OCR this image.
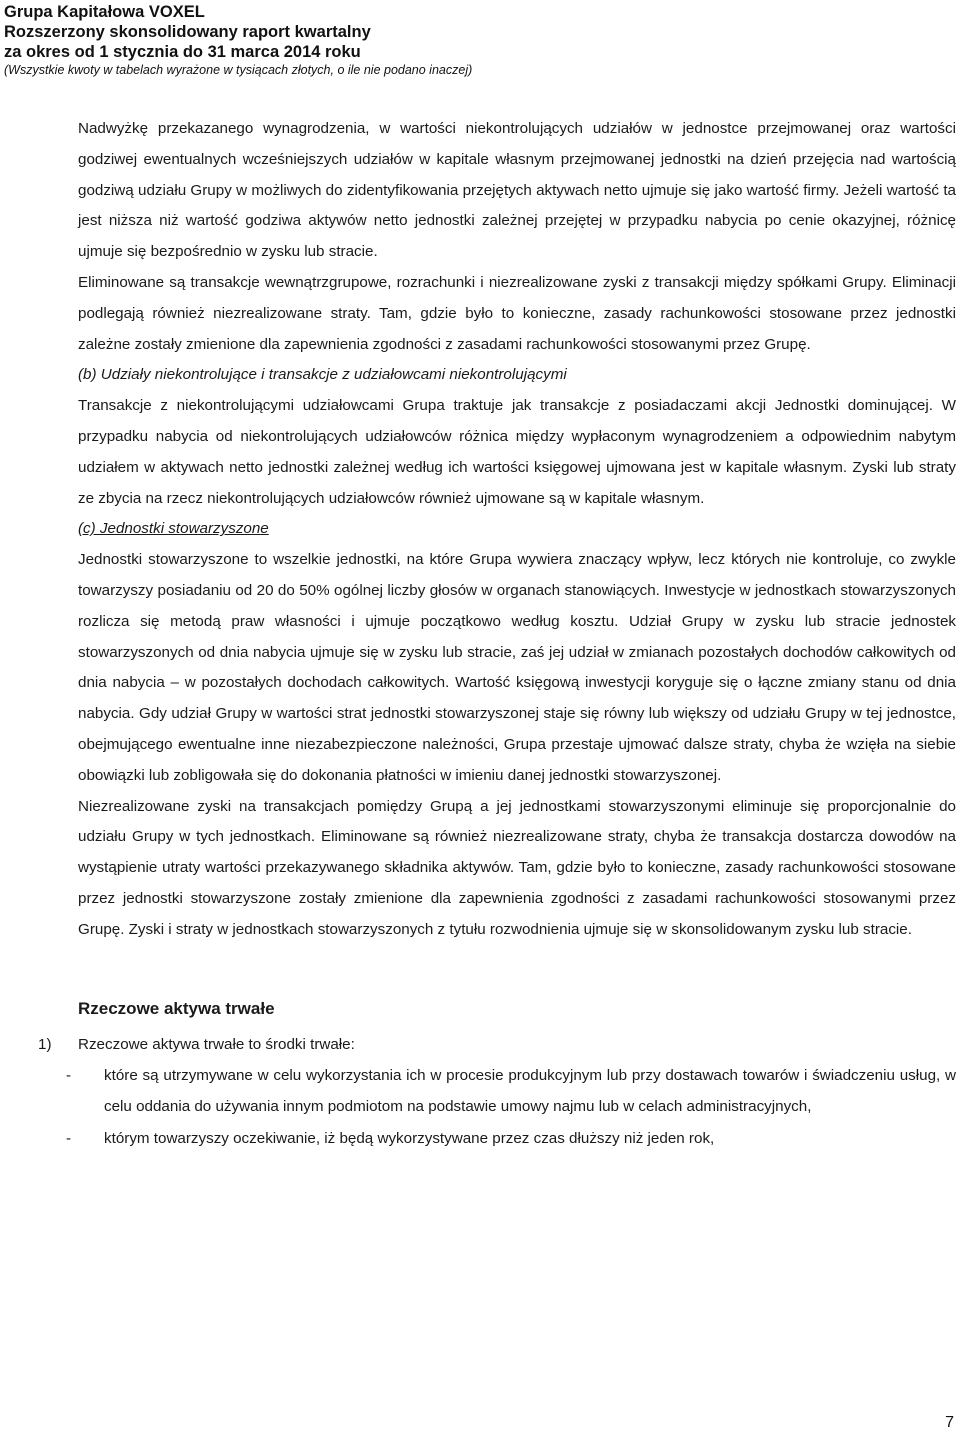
Grupa Kapitałowa VOXEL
Rozszerzony skonsolidowany raport kwartalny
za okres od 1 stycznia do 31 marca 2014 roku
(Wszystkie kwoty w tabelach wyrażone w tysiącach złotych, o ile nie podano inaczej)

Nadwyżkę przekazanego wynagrodzenia, w wartości niekontrolujących udziałów w jednostce przejmowanej oraz wartości godziwej ewentualnych wcześniejszych udziałów w kapitale własnym przejmowanej jednostki na dzień przejęcia nad wartością godziwą udziału Grupy w możliwych do zidentyfikowania przejętych aktywach netto ujmuje się jako wartość firmy. Jeżeli wartość ta jest niższa niż wartość godziwa aktywów netto jednostki zależnej przejętej w przypadku nabycia po cenie okazyjnej, różnicę ujmuje się bezpośrednio w zysku lub stracie.

Eliminowane są transakcje wewnątrzgrupowe, rozrachunki i niezrealizowane zyski z transakcji między spółkami Grupy. Eliminacji podlegają również niezrealizowane straty. Tam, gdzie było to konieczne, zasady rachunkowości stosowane przez jednostki zależne zostały zmienione dla zapewnienia zgodności z zasadami rachunkowości stosowanymi przez Grupę.

(b) Udziały niekontrolujące i transakcje z udziałowcami niekontrolującymi

Transakcje z niekontrolującymi udziałowcami Grupa traktuje jak transakcje z posiadaczami akcji Jednostki dominującej. W przypadku nabycia od niekontrolujących udziałowców różnica między wypłaconym wynagrodzeniem a odpowiednim nabytym udziałem w aktywach netto jednostki zależnej według ich wartości księgowej ujmowana jest w kapitale własnym. Zyski lub straty ze zbycia na rzecz niekontrolujących udziałowców również ujmowane są w kapitale własnym.

(c) Jednostki stowarzyszone

Jednostki stowarzyszone to wszelkie jednostki, na które Grupa wywiera znaczący wpływ, lecz których nie kontroluje, co zwykle towarzyszy posiadaniu od 20 do 50% ogólnej liczby głosów w organach stanowiących. Inwestycje w jednostkach stowarzyszonych rozlicza się metodą praw własności i ujmuje początkowo według kosztu. Udział Grupy w zysku lub stracie jednostek stowarzyszonych od dnia nabycia ujmuje się w zysku lub stracie, zaś jej udział w zmianach pozostałych dochodów całkowitych od dnia nabycia – w pozostałych dochodach całkowitych. Wartość księgową inwestycji koryguje się o łączne zmiany stanu od dnia nabycia. Gdy udział Grupy w wartości strat jednostki stowarzyszonej staje się równy lub większy od udziału Grupy w tej jednostce, obejmującego ewentualne inne niezabezpieczone należności, Grupa przestaje ujmować dalsze straty, chyba że wzięła na siebie obowiązki lub zobligowała się do dokonania płatności w imieniu danej jednostki stowarzyszonej.

Niezrealizowane zyski na transakcjach pomiędzy Grupą a jej jednostkami stowarzyszonymi eliminuje się proporcjonalnie do udziału Grupy w tych jednostkach. Eliminowane są również niezrealizowane straty, chyba że transakcja dostarcza dowodów na wystąpienie utraty wartości przekazywanego składnika aktywów. Tam, gdzie było to konieczne, zasady rachunkowości stosowane przez jednostki stowarzyszone zostały zmienione dla zapewnienia zgodności z zasadami rachunkowości stosowanymi przez Grupę. Zyski i straty w jednostkach stowarzyszonych z tytułu rozwodnienia ujmuje się w skonsolidowanym zysku lub stracie.

Rzeczowe aktywa trwałe
1) Rzeczowe aktywa trwałe to środki trwałe:
- które są utrzymywane w celu wykorzystania ich w procesie produkcyjnym lub przy dostawach towarów i świadczeniu usług, w celu oddania do używania innym podmiotom na podstawie umowy najmu lub w celach administracyjnych,
- którym towarzyszy oczekiwanie, iż będą wykorzystywane przez czas dłuższy niż jeden rok,
7
